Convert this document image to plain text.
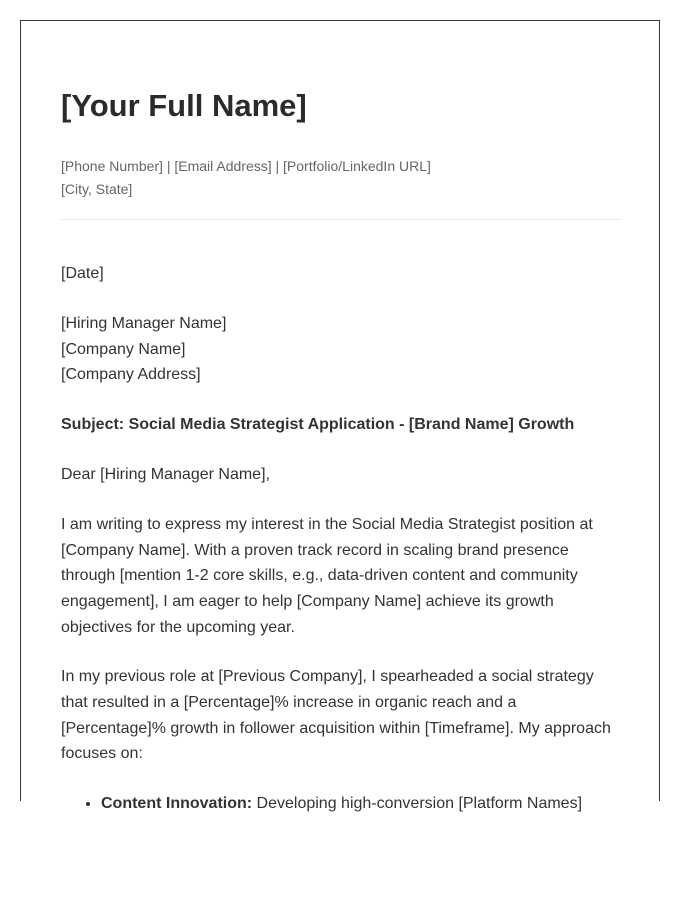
[Your Full Name]
[Phone Number] | [Email Address] | [Portfolio/LinkedIn URL]
[City, State]

[Date]

[Hiring Manager Name]
[Company Name]
[Company Address]

Subject: Social Media Strategist Application - [Brand Name] Growth

Dear [Hiring Manager Name],

I am writing to express my interest in the Social Media Strategist position at [Company Name]. With a proven track record in scaling brand presence through [mention 1-2 core skills, e.g., data-driven content and community engagement], I am eager to help [Company Name] achieve its growth objectives for the upcoming year.

In my previous role at [Previous Company], I spearheaded a social strategy that resulted in a [Percentage]% increase in organic reach and a [Percentage]% growth in follower acquisition within [Timeframe]. My approach focuses on:

• Content Innovation: Developing high-conversion [Platform Names]
